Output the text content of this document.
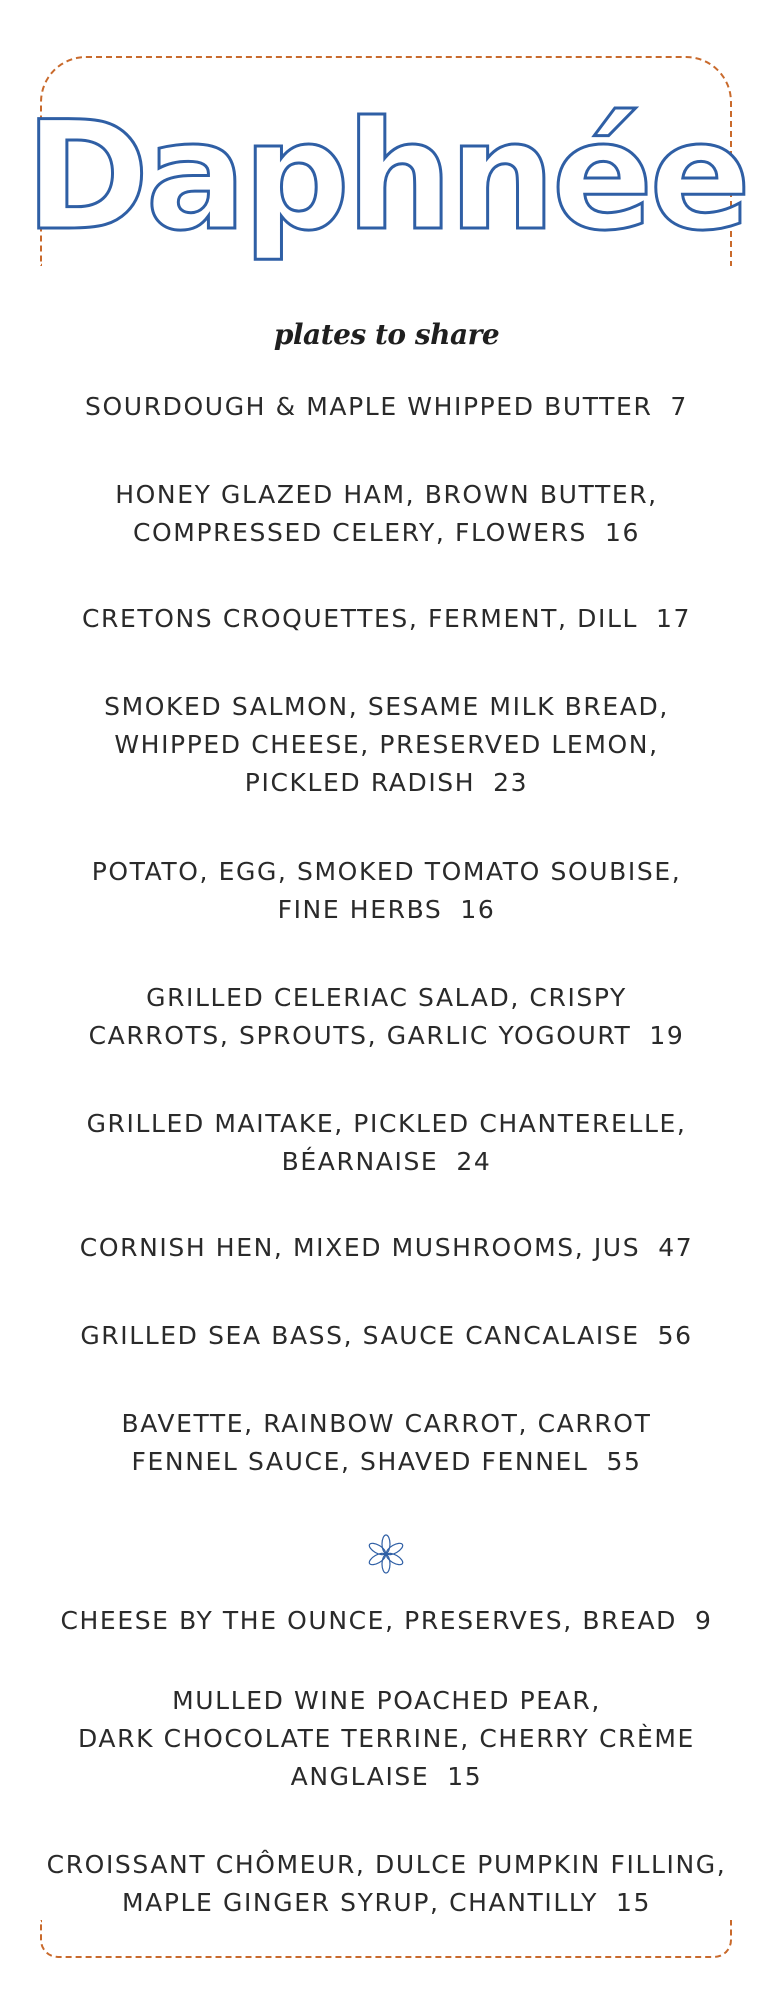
Daphnée
plates to share
SOURDOUGH & MAPLE WHIPPED BUTTER 7
HONEY GLAZED HAM, BROWN BUTTER,
COMPRESSED CELERY, FLOWERS 16
CRETONS CROQUETTES, FERMENT, DILL 17
SMOKED SALMON, SESAME MILK BREAD,
WHIPPED CHEESE, PRESERVED LEMON,
PICKLED RADISH 23
POTATO, EGG, SMOKED TOMATO SOUBISE,
FINE HERBS 16
GRILLED CELERIAC SALAD, CRISPY
CARROTS, SPROUTS, GARLIC YOGOURT 19
GRILLED MAITAKE, PICKLED CHANTERELLE,
BÉARNAISE 24
CORNISH HEN, MIXED MUSHROOMS, JUS 47
GRILLED SEA BASS, SAUCE CANCALAISE 56
BAVETTE, RAINBOW CARROT, CARROT
FENNEL SAUCE, SHAVED FENNEL 55
CHEESE BY THE OUNCE, PRESERVES, BREAD 9
MULLED WINE POACHED PEAR,
DARK CHOCOLATE TERRINE, CHERRY CRÈME
ANGLAISE 15
CROISSANT CHÔMEUR, DULCE PUMPKIN FILLING,
MAPLE GINGER SYRUP, CHANTILLY 15
